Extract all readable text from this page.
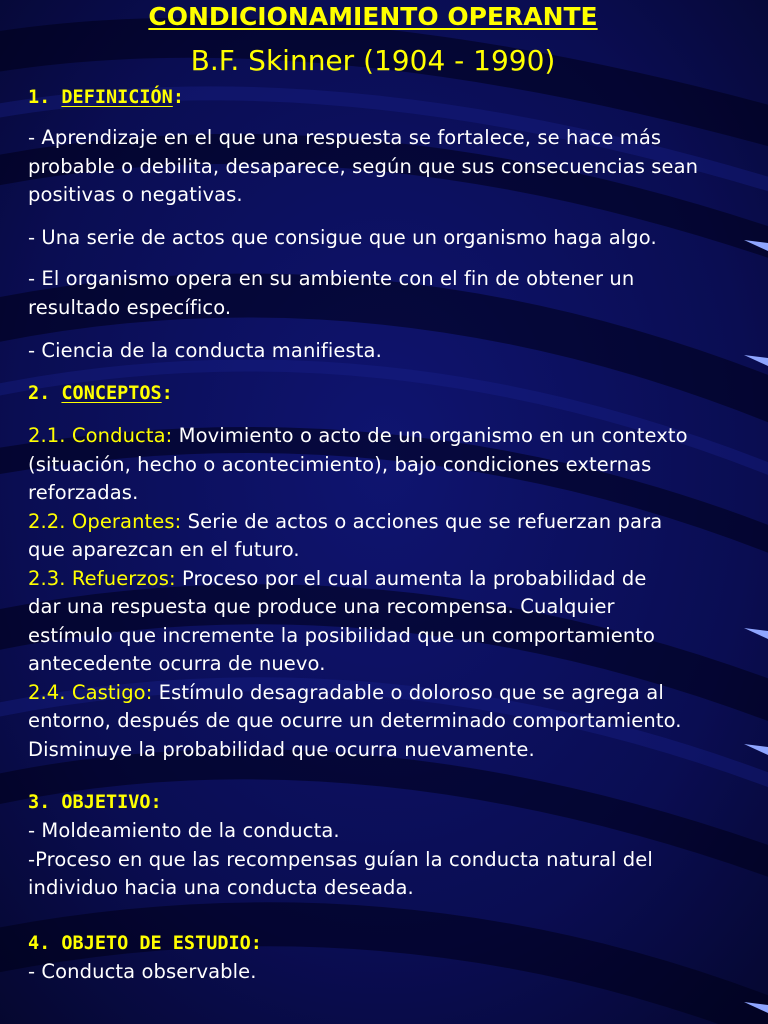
CONDICIONAMIENTO OPERANTE
B.F. Skinner (1904 - 1990)

1. DEFINICIÓN:

- Aprendizaje en el que una respuesta se fortalece, se hace más
probable o debilita, desaparece, según que sus consecuencias sean
positivas o negativas.

- Una serie de actos que consigue que un organismo haga algo.

- El organismo opera en su ambiente con el fin de obtener un
resultado específico.

- Ciencia de la conducta manifiesta.

2. CONCEPTOS:

2.1. Conducta: Movimiento o acto de un organismo en un contexto
(situación, hecho o acontecimiento), bajo condiciones externas
reforzadas.
2.2. Operantes: Serie de actos o acciones que se refuerzan para
que aparezcan en el futuro.
2.3. Refuerzos: Proceso por el cual aumenta la probabilidad de
dar una respuesta que produce una recompensa. Cualquier
estímulo que incremente la posibilidad que un comportamiento
antecedente ocurra de nuevo.
2.4. Castigo: Estímulo desagradable o doloroso que se agrega al
entorno, después de que ocurre un determinado comportamiento.
Disminuye la probabilidad que ocurra nuevamente.

3. OBJETIVO:

- Moldeamiento de la conducta.
-Proceso en que las recompensas guían la conducta natural del
individuo hacia una conducta deseada.

4. OBJETO DE ESTUDIO:

- Conducta observable.
